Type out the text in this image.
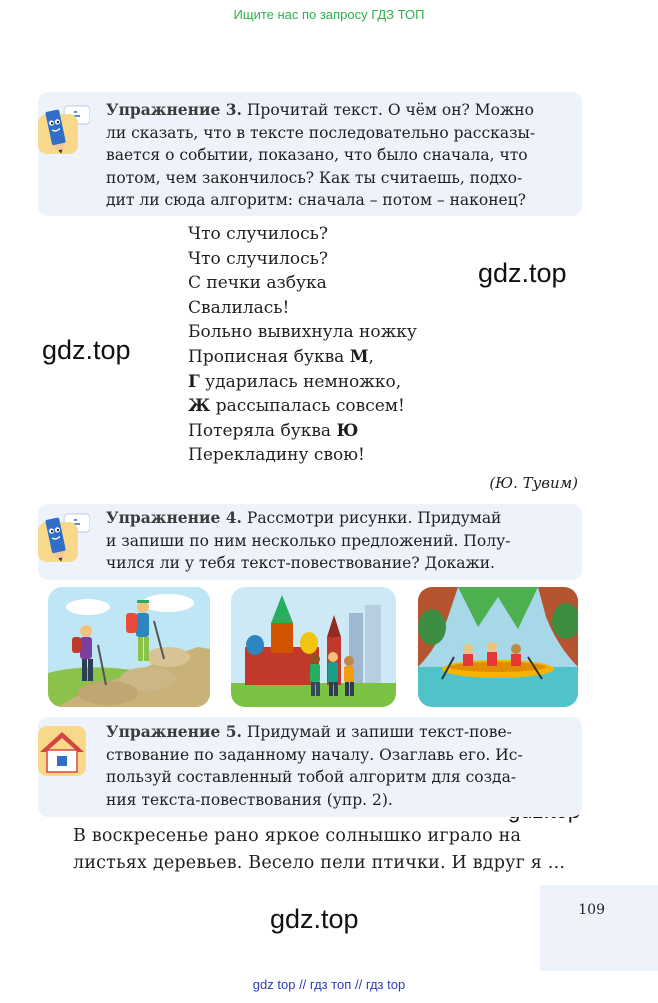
Ищите нас по запросу ГДЗ ТОП
Упражнение 3. Прочитай текст. О чём он? Можно
ли сказать, что в тексте последовательно рассказы-
вается о событии, показано, что было сначала, что
потом, чем закончилось? Как ты считаешь, подхо-
дит ли сюда алгоритм: сначала – потом – наконец?
Что случилось?
Что случилось?
С печки азбука
Свалилась!
Больно вывихнула ножку
Прописная буква М,
Г ударилась немножко,
Ж рассыпалась совсем!
Потеряла буква Ю
Перекладину свою!
(Ю. Тувим)
gdz.top
gdz.top
gdz.top
Упражнение 4. Рассмотри рисунки. Придумай
и запиши по ним несколько предложений. Полу-
чился ли у тебя текст-повествование? Докажи.
Упражнение 5. Придумай и запиши текст-пове-
ствование по заданному началу. Озаглавь его. Ис-
пользуй составленный тобой алгоритм для созда-
ния текста-повествования (упр. 2).
В воскресенье рано яркое солнышко играло на
листьях деревьев. Весело пели птички. И вдруг я ...
109
gdz top // гдз топ // гдз top
